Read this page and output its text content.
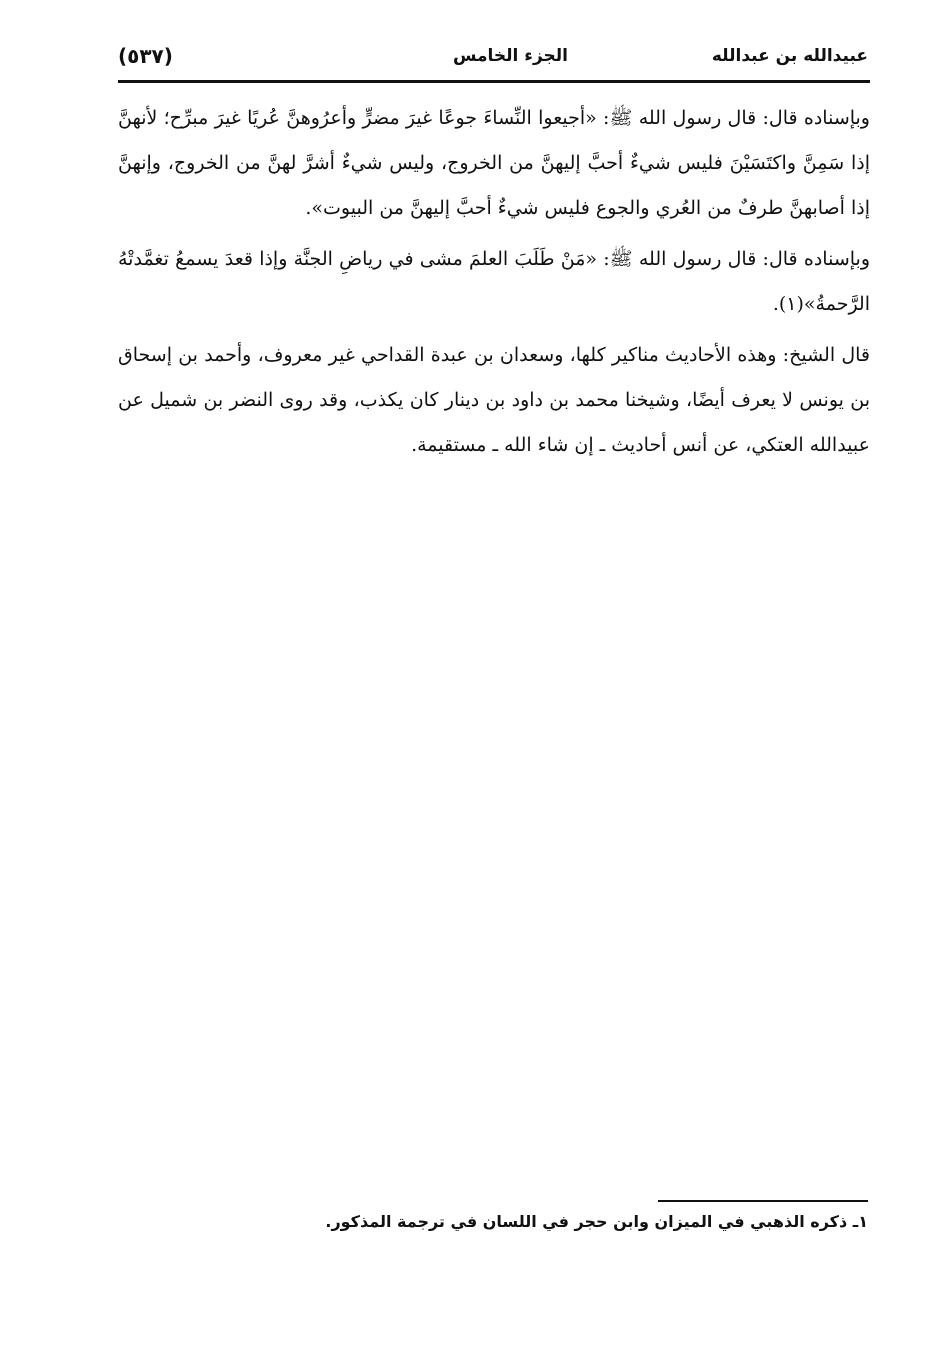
عبيدالله بن عبدالله
الجزء الخامس
(٥٣٧)

وبإسناده قال: قال رسول الله ﷺ: «أجيعوا النِّساءَ جوعًا غيرَ مضرٍّ وأعرُوهنَّ عُريًا غيرَ مبرِّح؛ لأنهنَّ إذا سَمِنَّ واكتَسَيْنَ فليس شيءٌ أحبَّ إليهنَّ من الخروج، وليس شيءٌ أشرَّ لهنَّ من الخروج، وإنهنَّ إذا أصابهنَّ طرفٌ من العُري والجوع فليس شيءٌ أحبَّ إليهنَّ من البيوت».

وبإسناده قال: قال رسول الله ﷺ: «مَنْ طَلَبَ العلمَ مشى في رياضِ الجنَّة وإذا قعدَ يسمعُ تغمَّدتْهُ الرَّحمةُ»(١).

قال الشيخ: وهذه الأحاديث مناكير كلها، وسعدان بن عبدة القداحي غير معروف، وأحمد بن إسحاق بن يونس لا يعرف أيضًا، وشيخنا محمد بن داود بن دينار كان يكذب، وقد روى النضر بن شميل عن عبيدالله العتكي، عن أنس أحاديث ـ إن شاء الله ـ مستقيمة.

١ـ ذكره الذهبي في الميزان وابن حجر في اللسان في ترجمة المذكور.
